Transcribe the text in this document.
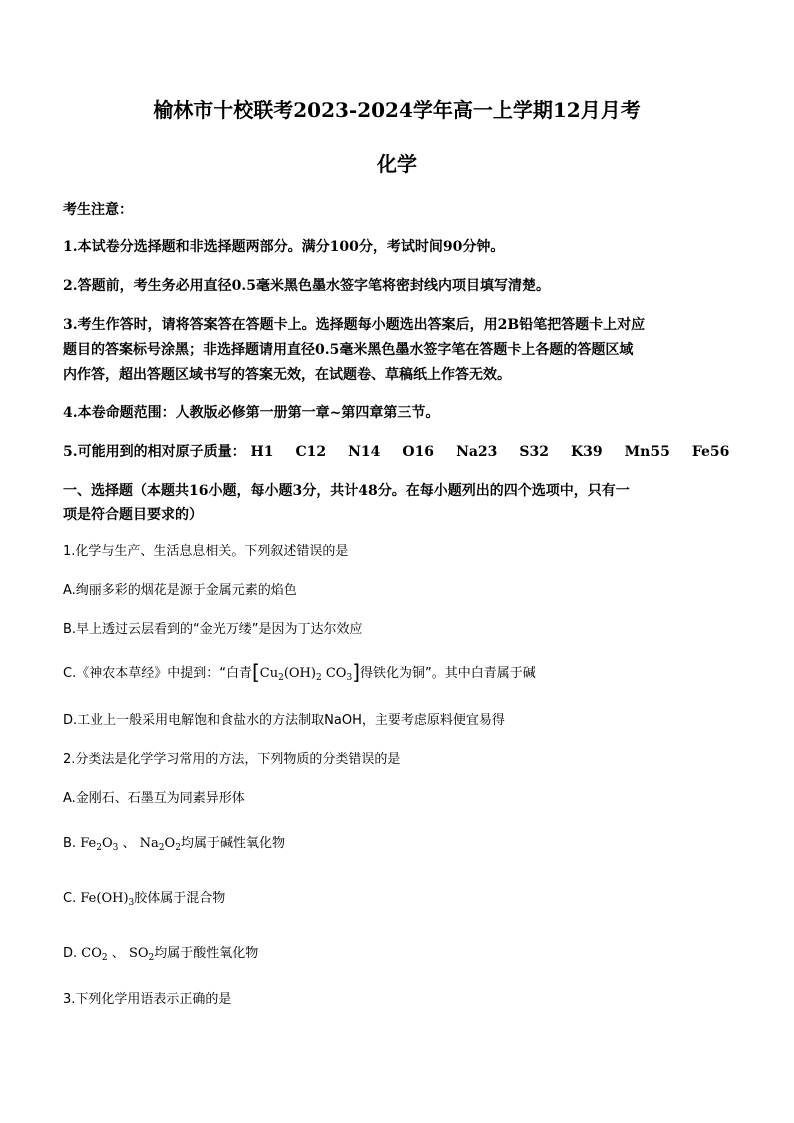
榆林市十校联考2023-2024学年高一上学期12月月考
化学
考生注意：
1.本试卷分选择题和非选择题两部分。满分100分，考试时间90分钟。
2.答题前，考生务必用直径0.5毫米黑色墨水签字笔将密封线内项目填写清楚。
3.考生作答时，请将答案答在答题卡上。选择题每小题选出答案后，用2B铅笔把答题卡上对应
题目的答案标号涂黑；非选择题请用直径0.5毫米黑色墨水签字笔在答题卡上各题的答题区域
内作答，超出答题区域书写的答案无效，在试题卷、草稿纸上作答无效。
4.本卷命题范围：人教版必修第一册第一章~第四章第三节。
5.可能用到的相对原子质量： H1 C12 N14 O16 Na23 S32 K39 Mn55 Fe56
一、选择题（本题共16小题，每小题3分，共计48分。在每小题列出的四个选项中，只有一
项是符合题目要求的）
1.化学与生产、生活息息相关。下列叙述错误的是
A.绚丽多彩的烟花是源于金属元素的焰色
B.早上透过云层看到的“金光万缕”是因为丁达尔效应
C.《神农本草经》中提到：“白青[$Cu_2(OH)_2$ $CO_3$]得铁化为铜”。其中白青属于碱
D.工业上一般采用电解饱和食盐水的方法制取NaOH，主要考虑原料便宜易得
2.分类法是化学学习常用的方法，下列物质的分类错误的是
A.金刚石、石墨互为同素异形体
B. $Fe_2O_3$ 、 $Na_2O_2$均属于碱性氧化物
C. $Fe(OH)_3$胶体属于混合物
D. $CO_2$ 、 $SO_2$均属于酸性氧化物
3.下列化学用语表示正确的是
